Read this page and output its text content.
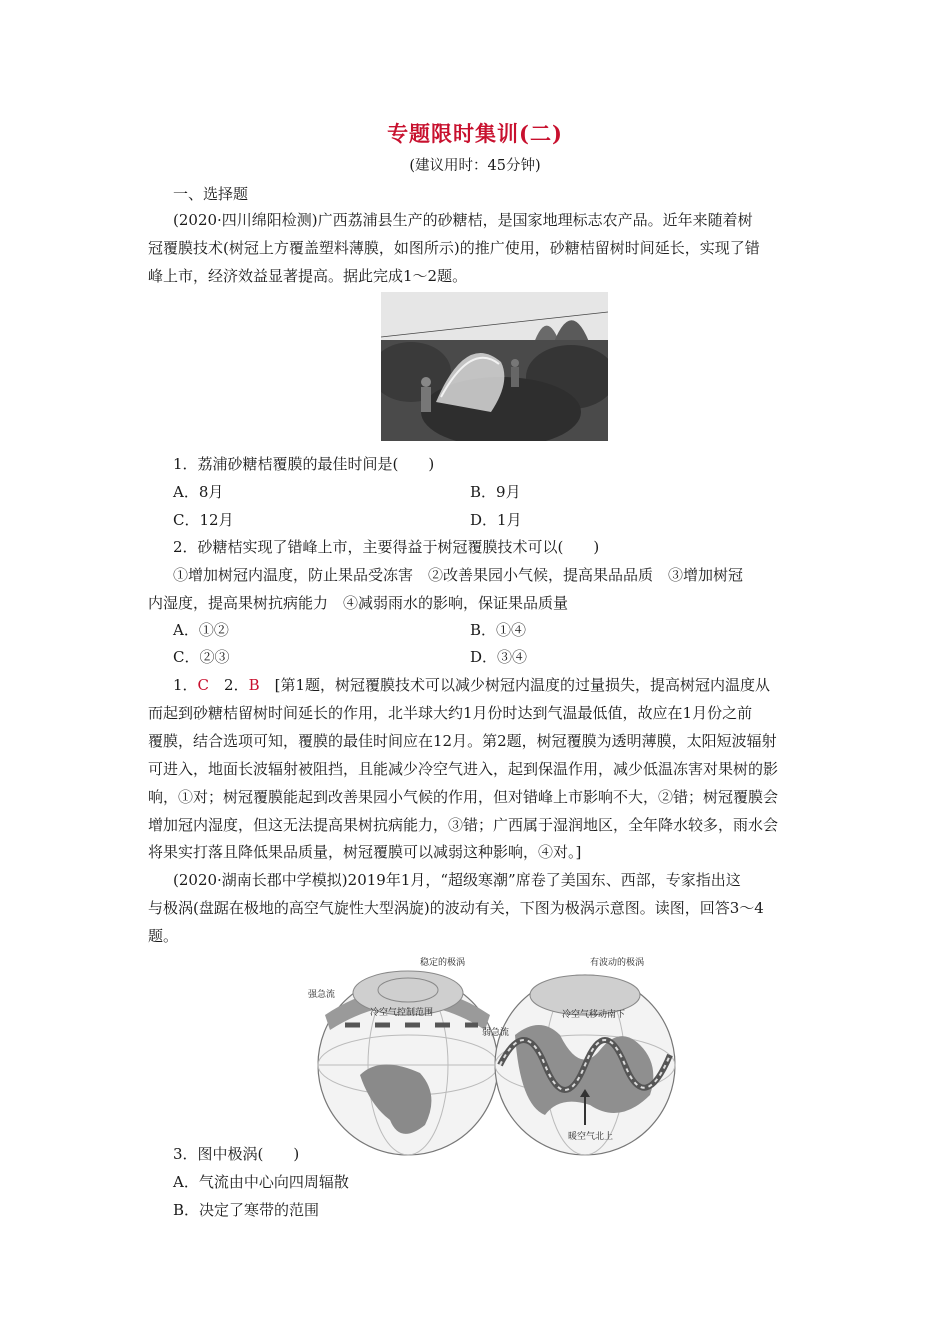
专题限时集训(二)
(建议用时：45分钟)
一、选择题
(2020·四川绵阳检测)广西荔浦县生产的砂糖桔，是国家地理标志农产品。近年来随着树
冠覆膜技术(树冠上方覆盖塑料薄膜，如图所示)的推广使用，砂糖桔留树时间延长，实现了错
峰上市，经济效益显著提高。据此完成1～2题。
1．荔浦砂糖桔覆膜的最佳时间是(　　)
A．8月	B．9月
C．12月	D．1月
2．砂糖桔实现了错峰上市，主要得益于树冠覆膜技术可以(　　)
①增加树冠内温度，防止果品受冻害　②改善果园小气候，提高果品品质　③增加树冠
内湿度，提高果树抗病能力　④减弱雨水的影响，保证果品质量
A．①②	B．①④
C．②③	D．③④
1．C　2．B　[第1题，树冠覆膜技术可以减少树冠内温度的过量损失，提高树冠内温度从
而起到砂糖桔留树时间延长的作用，北半球大约1月份时达到气温最低值，故应在1月份之前
覆膜，结合选项可知，覆膜的最佳时间应在12月。第2题，树冠覆膜为透明薄膜，太阳短波辐射
可进入，地面长波辐射被阻挡，且能减少冷空气进入，起到保温作用，减少低温冻害对果树的影
响，①对；树冠覆膜能起到改善果园小气候的作用，但对错峰上市影响不大，②错；树冠覆膜会
增加冠内湿度，但这无法提高果树抗病能力，③错；广西属于湿润地区，全年降水较多，雨水会
将果实打落且降低果品质量，树冠覆膜可以减弱这种影响，④对。]
(2020·湖南长郡中学模拟)2019年1月，“超级寒潮”席卷了美国东、西部，专家指出这
与极涡(盘踞在极地的高空气旋性大型涡旋)的波动有关，下图为极涡示意图。读图，回答3～4
题。
稳定的极涡
强急流
冷空气控制范围
有波动的极涡
弱急流
冷空气移动南下
暖空气北上
3．图中极涡(　　)
A．气流由中心向四周辐散
B．决定了寒带的范围
